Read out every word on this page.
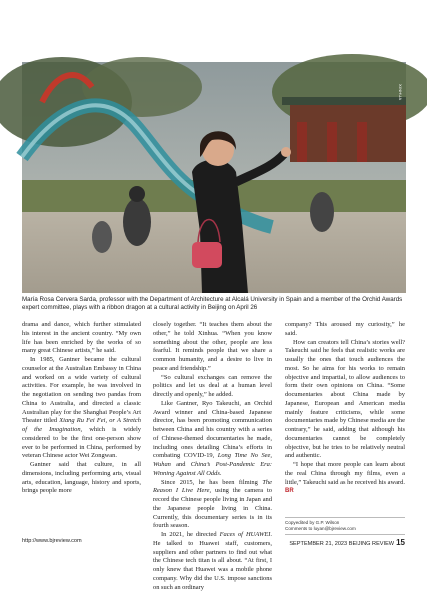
XINHUA

María Rosa Cervera Sarda, professor with the Department of Architecture at Alcalá University in Spain and a member of the Orchid Awards expert committee, plays with a ribbon dragon at a cultural activity in Beijing on April 26

drama and dance, which further stimulated his interest in the ancient country. “My own life has been enriched by the works of so many great Chinese artists,” he said.

In 1985, Gantner became the cultural counselor at the Australian Embassy in China and worked on a wide variety of cultural activities. For example, he was involved in the negotiation on sending two pandas from China to Australia, and directed a classic Australian play for the Shanghai People’s Art Theater titled Xiang Ru Fei Fei, or A Stretch of the Imagination, which is widely considered to be the first one-person show ever to be performed in China, performed by veteran Chinese actor Wei Zongwan.

Gantner said that culture, in all dimensions, including performing arts, visual arts, education, language, history and sports, brings people more

closely together. “It teaches them about the other,” he told Xinhua. “When you know something about the other, people are less fearful. It reminds people that we share a common humanity, and a desire to live in peace and friendship.”

“So cultural exchanges can remove the politics and let us deal at a human level directly and openly,” he added.

Like Gantner, Ryo Takeuchi, an Orchid Award winner and China-based Japanese director, has been promoting communication between China and his country with a series of Chinese-themed documentaries he made, including ones detailing China’s efforts in combating COVID-19, Long Time No See, Wuhan and China’s Post-Pandemic Era: Winning Against All Odds.

Since 2015, he has been filming The Reason I Live Here, using the camera to record the Chinese people living in Japan and the Japanese people living in China. Currently, this documentary series is in its fourth season.

In 2021, he directed Faces of HUAWEI. He talked to Huawei staff, customers, suppliers and other partners to find out what the Chinese tech titan is all about. “At first, I only knew that Huawei was a mobile phone company. Why did the U.S. impose sanctions on such an ordinary

company? This aroused my curiosity,” he said.

How can creators tell China’s stories well? Takeuchi said he feels that realistic works are usually the ones that touch audiences the most. So he aims for his works to remain objective and impartial, to allow audiences to form their own opinions on China. “Some documentaries about China made by Japanese, European and American media mainly feature criticisms, while some documentaries made by Chinese media are the contrary,” he said, adding that although his documentaries cannot be completely objective, but he tries to be relatively neutral and authentic.

“I hope that more people can learn about the real China through my films, even a little,” Takeuchi said as he received his award. BR

Copyedited by G.P. Wilson
Comments to luyan@bjreview.com
http://www.bjreview.com	SEPTEMBER 21, 2023 BEIJING REVIEW 15
